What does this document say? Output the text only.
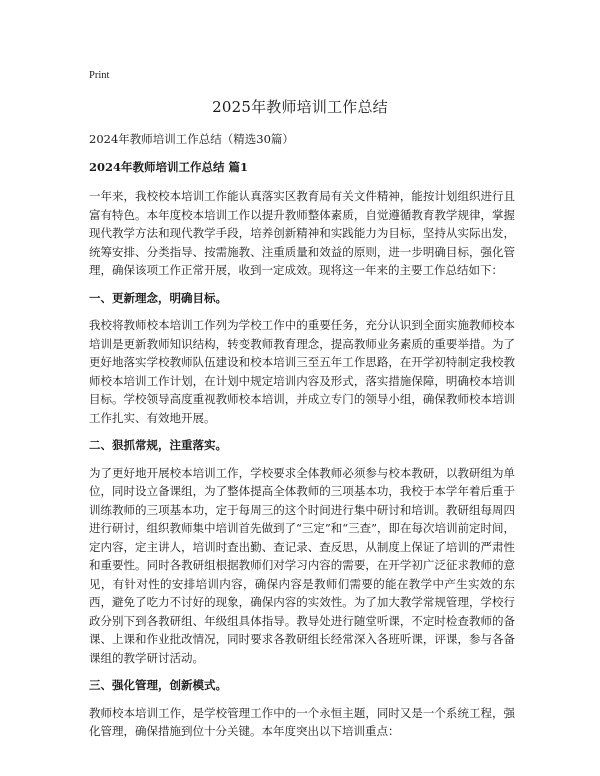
Print
2025年教师培训工作总结

2024年教师培训工作总结（精选30篇）

2024年教师培训工作总结 篇1

一年来，我校校本培训工作能认真落实区教育局有关文件精神，能按计划组织进行且富有特色。本年度校本培训工作以提升教师整体素质，自觉遵循教育教学规律，掌握现代教学方法和现代教学手段，培养创新精神和实践能力为目标，坚持从实际出发，统筹安排、分类指导、按需施教、注重质量和效益的原则，进一步明确目标，强化管理，确保该项工作正常开展，收到一定成效。现将这一年来的主要工作总结如下：

一、更新理念，明确目标。

我校将教师校本培训工作列为学校工作中的重要任务，充分认识到全面实施教师校本培训是更新教师知识结构，转变教师教育理念，提高教师业务素质的重要举措。为了更好地落实学校教师队伍建设和校本培训三至五年工作思路，在开学初特制定我校教师校本培训工作计划，在计划中规定培训内容及形式，落实措施保障，明确校本培训目标。学校领导高度重视教师校本培训，并成立专门的领导小组，确保教师校本培训工作扎实、有效地开展。

二、狠抓常规，注重落实。

为了更好地开展校本培训工作，学校要求全体教师必须参与校本教研，以教研组为单位，同时设立备课组，为了整体提高全体教师的三项基本功，我校于本学年着后重于训练教师的三项基本功，定于每周三的这个时间进行集中研讨和培训。教研组每周四进行研讨，组织教师集中培训首先做到了“三定”和“三查”，即在每次培训前定时间，定内容，定主讲人，培训时查出勤、查记录、查反思，从制度上保证了培训的严肃性和重要性。同时各教研组根据教师们对学习内容的需要，在开学初广泛征求教师的意见，有针对性的安排培训内容，确保内容是教师们需要的能在教学中产生实效的东西，避免了吃力不讨好的现象，确保内容的实效性。为了加大教学常规管理，学校行政分别下到各教研组、年级组具体指导。教导处进行随堂听课，不定时检查教师的备课、上课和作业批改情况，同时要求各教研组长经常深入各班听课，评课，参与各备课组的教学研讨活动。

三、强化管理，创新模式。

教师校本培训工作，是学校管理工作中的一个永恒主题，同时又是一个系统工程，强化管理，确保措施到位十分关键。本年度突出以下培训重点：
